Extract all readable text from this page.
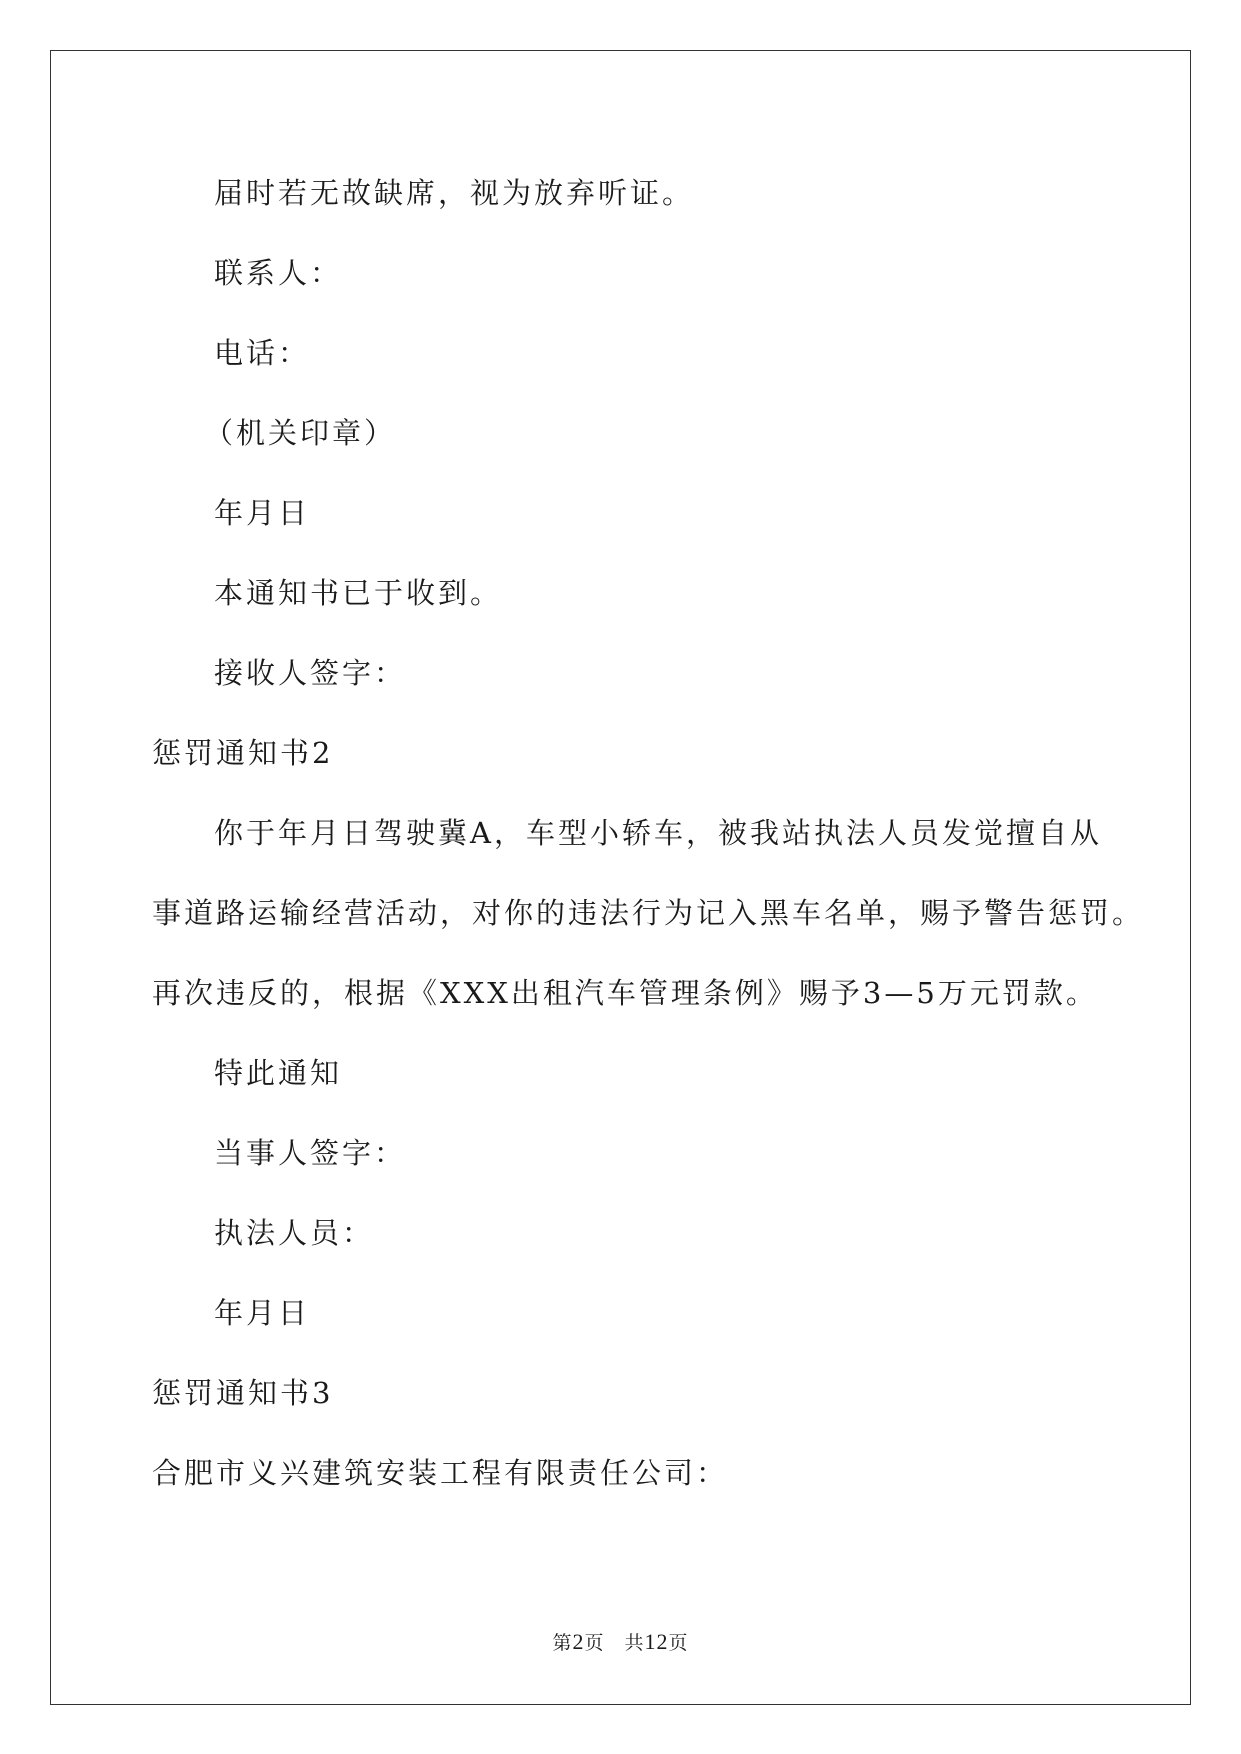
届时若无故缺席，视为放弃听证。
联系人：
电话：
（机关印章）
年月日
本通知书已于收到。
接收人签字：
惩罚通知书2
你于年月日驾驶冀A，车型小轿车，被我站执法人员发觉擅自从
事道路运输经营活动，对你的违法行为记入黑车名单，赐予警告惩罚。
再次违反的，根据《XXX出租汽车管理条例》赐予3—5万元罚款。
特此通知
当事人签字：
执法人员：
年月日
惩罚通知书3
合肥市义兴建筑安装工程有限责任公司：
第2页 共12页
